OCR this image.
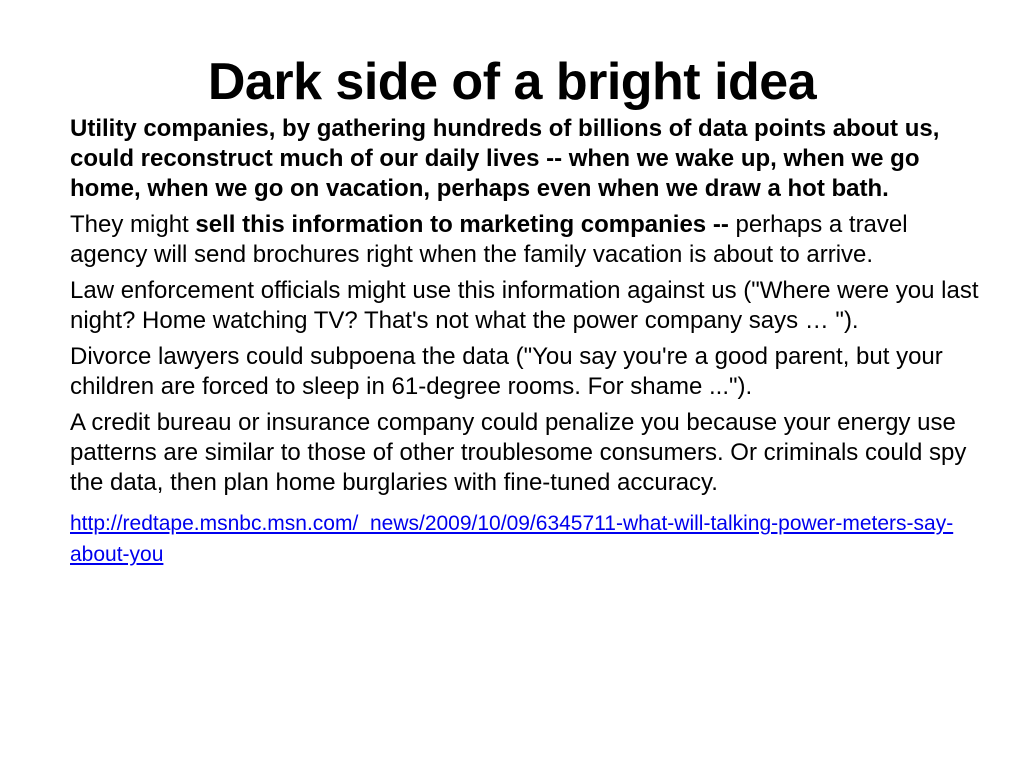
Dark side of a bright idea

Utility companies, by gathering hundreds of billions of data points about us, could reconstruct much of our daily lives -- when we wake up, when we go home, when we go on vacation, perhaps even when we draw a hot bath.

They might sell this information to marketing companies -- perhaps a travel agency will send brochures right when the family vacation is about to arrive.

Law enforcement officials might use this information against us ("Where were you last night? Home watching TV? That's not what the power company says … ").

Divorce lawyers could subpoena the data ("You say you're a good parent, but your children are forced to sleep in 61-degree rooms. For shame ...").

A credit bureau or insurance company could penalize you because your energy use patterns are similar to those of other troublesome consumers. Or criminals could spy the data, then plan home burglaries with fine-tuned accuracy.

http://redtape.msnbc.msn.com/_news/2009/10/09/6345711-what-will-talking-power-meters-say-about-you
